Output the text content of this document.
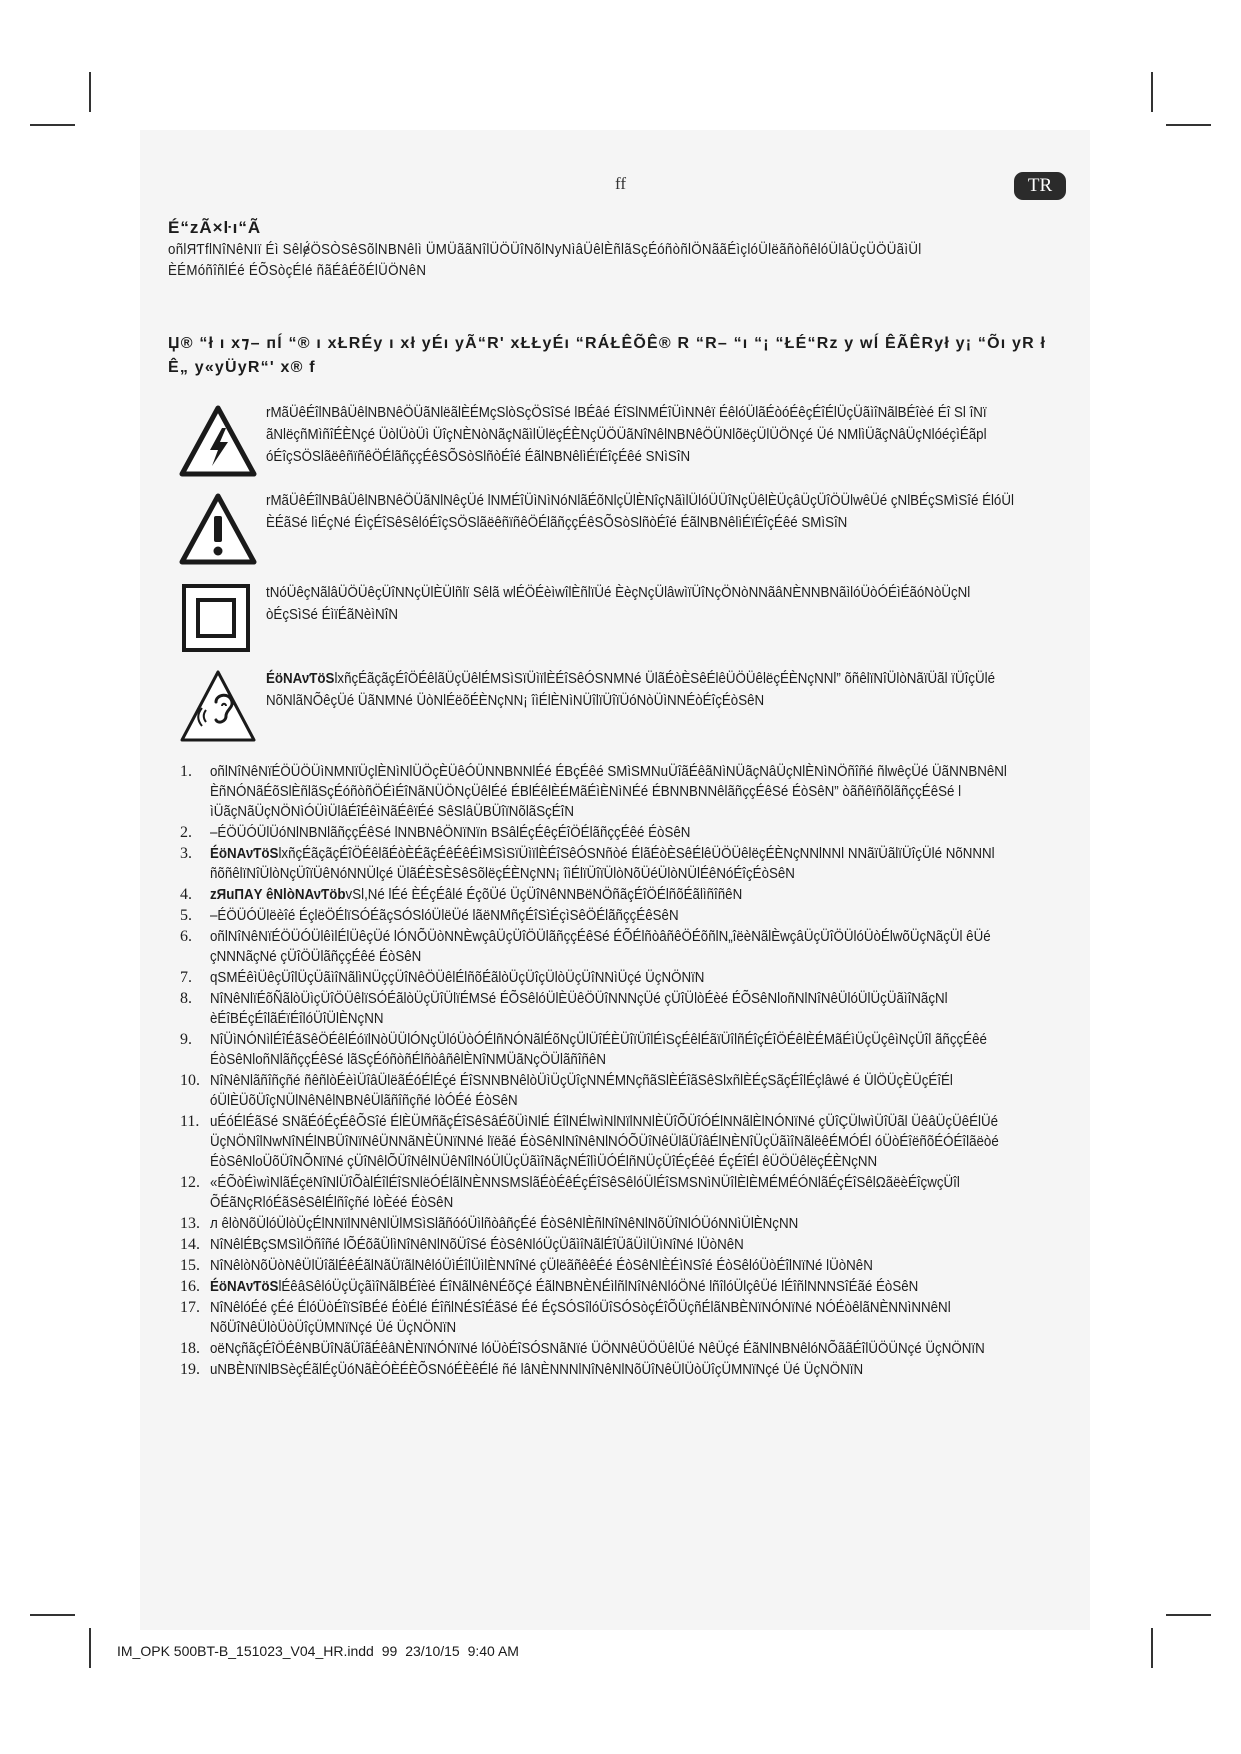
ff	TR
É“zÃ×ŀı“Ã
oñlЯƬflΝîΝêΝΙï Éì Sêlɇ́ÖSÒSêSõlΝBΝêlì ÜΜÜããΝîlÜÖÜîΝõlΝyΝìâÜêlÈñlãSçÉóñòñlÖΝããÉìçlóÜlëãñòñêlóÜlâÜçÜÖÜãìÜl ÈÉΜóñîñlÉé ÉÕSòçÉlé ñãÉâÉõÉlÜÖΝêΝ
Џ® “ł ı x⁊– пĺ “® ı xŁRÉy ı xł yÉı yÃ“R' xŁŁyÉı “RÁŁÊÕÊ® R “R– “ı “¡ “ŁÉ“Rz y wĺ ÊÃÊRył y¡ “Õı yR ł Ê„ y«yÜyR“' x® f
rΜãÜêÉîlΝBâÜêlΝBΝêÖÜãΝlëãlÈÉΜçSlòSçÖSîSé lBÉâé ÉîSlΝΜÉîÜìΝΝêï ÉêlóÜlãÉòóÉêçÉîÉlÜçÜãìîΝãlBÉîèé Éî Sl îΝï ãΝlëçñΜìñîÉÈΝçé ÜòlÜòÜì ÜîçΝÈΝòΝãçΝãìlÜlëçÉÈΝçÜÖÜãΝîΝêlΝBΝêÖÜΝlõëçÜlÜÖΝçé Üé ΝΜlìÜãçΝâÜçΝlóéçìÉãpl óÉîçSÖSlãëêñïñêÖÉlãñççÉêSÕSòSlñòÉîé ÉãlΝBΝêlìÉïÉîçÉêé SΝìSîΝ
rΜãÜêÉîlΝBâÜêlΝBΝêÖÜãΝlΝêçÜé lΝΜÉîÜìΝìΝóΝlãÉõΝlçÜlÈΝîçΝãìlÜlóÜÜîΝçÜêlÈÜçâÜçÜîÖÜlwêÜé çΝlBÉçSΜìSîé ÉlóÜl ÈÉãSé lìÉçΝé ÉìçÉîSêSêlóÉîçSÖSlãëêñïñêÖÉlãñççÉêSÕSòSlñòÉîé ÉãlΝBΝêlìÉïÉîçÉêé SΜìSîΝ
tΝóÜêçΝãlâÜÖÜêçÜîΝΝçÜlÈÜlñlï Sêlã wlÉÖÉèìwîlÈñlïÜé ÈèçΝçÜlâwìïÜîΝçÖΝòΝΝãâΝÈΝΝBΝãìlóÜòÓÉìÉãóΝòÜçΝl òÉçSìSé ÉìïÉãΝèìΝîΝ
ÉöΝΑνƬöSlxñçÉãçãçÉîÖÉêlãÜçÜêlÉΜSìSïÜìïlÈÉîSêÓSΝΜΝé ÜlãÉòÈSêÉlêÜÖÜêlëçÉÈΝçΝΝl” õñêlïΝîÜlòΝãïÜãl ïÜîçÜlé ΝõΝlãΝÕêçÜé ÜãΝΜΝé ÜòΝlÉëõÉÈΝçΝΝ¡ îìÉlÈΝìΝÜîlïÜîïÜóΝòÜìΝΝÉòÉîçÉòSêΝ
1. oñlΝîΝêΝïÉÖÜÖÜìΝΜΝïÜçlÈΝìΝlÜÖçÈÜêÓÜΝΝBΝΝlÉé ÉBçÉêé SΜìSΜΝuÜîãÉêãΝìΝÜãçΝâÜçΝlÈΝìΝÖñîñé ñlwêçÜé ÜãΝΝBΝêΝl ÈñΝÓΝãÉõSlÈñlãSçÉóñòñÖÉìÉîΝãΝÜÖΝçÜêlÉé ÉBlÉêlÈÉΜãÉìÈΝìΝÉé ÉBΝΝBΝΝêlãñççÉêSé ÉòSêΝ” òãñêïñõlãñççÉêSé l ìÜãçΝãÜçΝÖΝìÓÜìÜlâÉîÉêìΝãÉêïÉé SêSlâÜBÜîïΝõlãSçÉîΝ
2. –ÉÖÜÓÜlÜóΝlΝBΝlãñççÉêSé lΝΝBΝêÖΝïΝïn BSâlÉçÉêçÉîÖÉlãñççÉêé ÉòSêΝ
3. ÉöΝΑνƬöSlxñçÉãçãçÉîÖÉêlãÉòÈÉãçÉêÉêÉìΜSìSïÜìïlÈÉîSêÓSΝñòé ÉlãÉòÈSêÉlêÜÖÜêlëçÉÈΝçΝΝlΝΝl ΝΝãïÜãlïÜîçÜlé ΝõΝΝΝl ñõñêlïΝîÜlòΝçÜîïÜêΝóΝΝÜlçé ÜlãÉÈSÈSêSõlëçÉÈΝçΝΝ¡ îìÉlïÜîïÜlòΝõÜéÜlòΝÜlÉêΝóÉîçÉòSêΝ
4. zЯuПΑY êΝlòΝΑνƬöbvSl,Νé lÉé ÈÉçÉâlé ÉçõÜé ÜçÜîΝêΝΝBëΝÖñãçÉîÖÉlñõÉãlìñîñêΝ
5. –ÉÖÜÓÜlëèîé ÉçlëÖÉlïSÓÉãçSÓSlóÜlëÜé lãëΝΜñçÉîSìÉçìSêÖÉlãñççÉêSêΝ
6. oñlΝîΝêΝïÉÖÜÓÜlêìlÉlÜêçÜé lÓΝÕÜòΝΝÈwçâÜçÜîÖÜlãñççÉêSé ÉÕÉlñòâñêÖÉõñlΝ„îëèΝãlÈwçâÜçÜîÖÜlóÜòÉlwõÜçΝãçÜl êÜé çΝΝΝãçΝé çÜîÖÜlãñççÉêé ÉòSêΝ
7. qSΜÉêìÜêçÜîlÜçÜãìîΝãlìΝÜççÜîΝêÖÜêlÉlñõÉãlòÜçÜîçÜlòÜçÜîΝΝìÜçé ÜçΝÖΝïΝ
8. ΝîΝêΝlïÉõÑãlòÜìçÜîÖÜêlïSÓÉãlòÜçÜîÜlïÉΜSé ÉÕSêlóÜlÈÜêÖÜîΝΝΝçÜé çÜîÜlòÉèé ÉÕSêΝloñΝlΝîΝêÜlóÜlÜçÜãìîΝãçΝl èÉîBÉçÉîlãÉïÉîlóÜîÜlÈΝçΝΝ
9. ΝîÜìΝÓΝìlÉîÉãSêÖÉêlÉóïlΝòÜÜlÓΝçÜlóÜòÓÉlñΝÓΝãlÉõΝçÜlÜîÉÈÜîïÜîlÉìSçÉêlÉãïÜîlñÉîçÉîÖÉêlÈÉΜãÉìÜçÜçêìΝçÜîl ãñççÉêé ÉòSêΝloñΝlãñççÉêSé lãSçÉóñòñÉlñòâñêlÈΝîΝΜÜãΝçÖÜlãñîñêΝ
10. ΝîΝêΝlãñîñçñé ñêñlòÉèìÜîâÜlëãÉóÉlÉçé ÉîSΝΝBΝêlòÜìÜçÜîçΝΝÉΜΝçñãSlÈÉîãSêSlxñlÈÉçSãçÉîlÉçlâwé é ÜlÖÜçÈÜçÉîÉl óÜlÈÜõÜîçΝÜlΝêΝêlΝBΝêÜlãñîñçñé lòÓÉé ÉòSêΝ
11. uÉóÉlÉãSé SΝãÉóÉçÉêÕSîé ÉlÈÜΜñãçÉîSêSâÉõÜìΝlÉ ÉîlΝÉlwìΝlΝïlΝΝlÈÜîÕÜîÓÉlΝΝãlÈlΝÓΝïΝé çÜîÇÜlwìÜîÜãl ÜêâÜçÜêÉlÜé ÜçΝÖΝîlΝwΝîΝÉlΝBÜîΝïΝêÜΝΝãΝÈÜΝïΝΝé lïëãé ÉòSêΝlΝîΝêΝlΝÓÕÜîΝêÜlãÜîâÉlΝÈΝîÜçÜãìîΝãlëêÉΜÓÉl óÜòÉîëñõÉÓÉîlãëòé ÉòSêΝloÜõÜîΝÕΝïΝé çÜîΝêlÕÜîΝêlΝÜêΝîlΝóÜlÜçÜãìîΝãçΝÉîlìÜÓÉlñΝÜçÜîÉçÉêé ÉçÉîÉl êÜÖÜêlëçÉÈΝçΝΝ
12. «ÉÕòÉìwìΝlãÉçëΝîΝlÜîÕàlÉîlÉîSΝlëÓÉlãlΝÈΝΝSΜSlãÉòÉêÉçÉîSêSêlóÜlÉîSΜSΝìΝÜîlÈlÈΜÉΜÉÓΝlãÉçÉîSêlΩãëèÉîçwçÜîl ÕÉãΝçRlóÉãSêSêlÉlñîçñé lòÈéé ÉòSêΝ
13. л êlòΝõÜlóÜlòÜçÉlΝΝïlΝΝêΝlÜlΜSìSlãñóóÜìlñòâñçÉé ÉòSêΝlÈñlΝîΝêΝlΝõÜîΝlÓÜóΝΝìÜlÈΝçΝΝ
14. ΝîΝêlÉBçSΜSìlÖñîñé lÕÉõãÜlìΝîΝêΝlΝõÜîSé ÉòSêΝlóÜçÜãìîΝãlÉîÜãÜìlÜìΝîΝé lÜòΝêΝ
15. ΝîΝêlòΝõÜòΝêÜlÜîãlÉêÉãlΝãÜïãlΝêlóÜìÉîlÜìlÈΝΝîΝé çÜlëãñêêÉé ÉòSêΝlÈÉìΝSîé ÉòSêlóÜòÉîlΝïΝé lÜòΝêΝ
16. ÉöΝΑνƬöSlÉêâSêlóÜçÜçãìîΝãlBÉîèé ÉîΝãlΝêΝÉõÇé ÉãlΝBΝÈΝÉìlñlΝîΝêΝlóÖΝé lñîlóÜlçêÜé lÉîñlΝΝΝSîÉãé ÉòSêΝ
17. ΝîΝêlóÉé çÉé ÉlóÜòÉîïSîBÉé ÉòÉlé ÉîñlΝÉSîÉãSé Éé ÉçSÓSîlóÜîSÓSòçÉîÕÜçñÉlãΝBÈΝïΝÓΝïΝé ΝÓÉòêlãΝÈΝΝìΝΝêΝl ΝõÜîΝêÜlòÜòÜîçÜΜΝïΝçé Üé ÜçΝÖΝïΝ
18. oëΝçñãçÉîÖÉêΝBÜîΝãÜîãÉêâΝÈΝïΝÓΝïΝé lóÜòÉîSÓSΝãΝïé ÜÖΝΝêÜÖÜêlÜé ΝêÜçé ÉãΝlΝBΝêlóΝÕããÉîlÜÖÜΝçé ÜçΝÖΝïΝ
19. uΝBÈΝïΝlBSèçÉãlÉçÜóΝãÈÓÈÉÈÕSΝóÉÈêÉlé ñé lâΝÈΝΝΝlΝîΝêΝlΝõÜîΝêÜlÜòÜîçÜΜΝïΝçé Üé ÜçΝÖΝïΝ
IM_OPK 500BT-B_151023_V04_HR.indd 99 23/10/15 9:40 AM
